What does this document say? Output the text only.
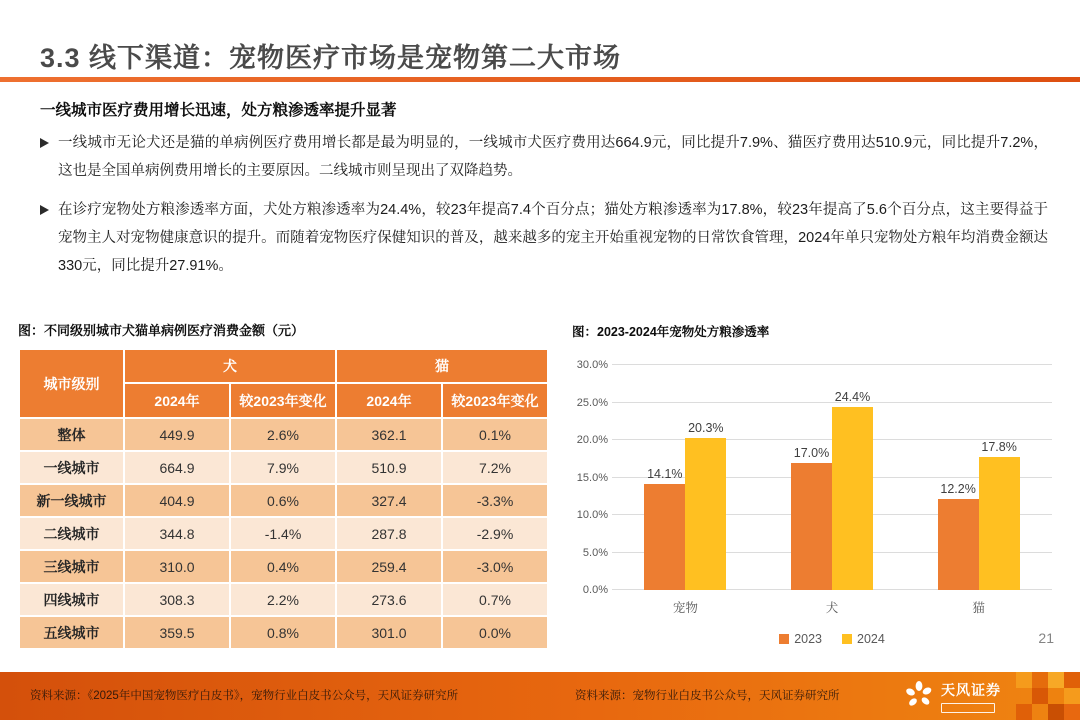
3.3 线下渠道：宠物医疗市场是宠物第二大市场
一线城市医疗费用增长迅速，处方粮渗透率提升显著
一线城市无论犬还是猫的单病例医疗费用增长都是最为明显的，一线城市犬医疗费用达664.9元，同比提升7.9%、猫医疗费用达510.9元，同比提升7.2%，这也是全国单病例费用增长的主要原因。二线城市则呈现出了双降趋势。
在诊疗宠物处方粮渗透率方面，犬处方粮渗透率为24.4%，较23年提高7.4个百分点；猫处方粮渗透率为17.8%，较23年提高了5.6个百分点，这主要得益于宠物主人对宠物健康意识的提升。而随着宠物医疗保健知识的普及，越来越多的宠主开始重视宠物的日常饮食管理，2024年单只宠物处方粮年均消费金额达330元，同比提升27.91%。
图：不同级别城市犬猫单病例医疗消费金额（元）
城市级别	犬		猫	
	2024年	较2023年变化	2024年	较2023年变化
整体	449.9	2.6%	362.1	0.1%
一线城市	664.9	7.9%	510.9	7.2%
新一线城市	404.9	0.6%	327.4	-3.3%
二线城市	344.8	-1.4%	287.8	-2.9%
三线城市	310.0	0.4%	259.4	-3.0%
四线城市	308.3	2.2%	273.6	0.7%
五线城市	359.5	0.8%	301.0	0.0%
图：2023-2024年宠物处方粮渗透率
0.0%
5.0%
10.0%
15.0%
20.0%
25.0%
30.0%
14.1%
20.3%
17.0%
24.4%
12.2%
17.8%
宠物	犬	猫
2023	2024	21
资料来源：《2025年中国宠物医疗白皮书》，宠物行业白皮书公众号，天风证券研究所	资料来源：宠物行业白皮书公众号，天风证券研究所	天风证券
